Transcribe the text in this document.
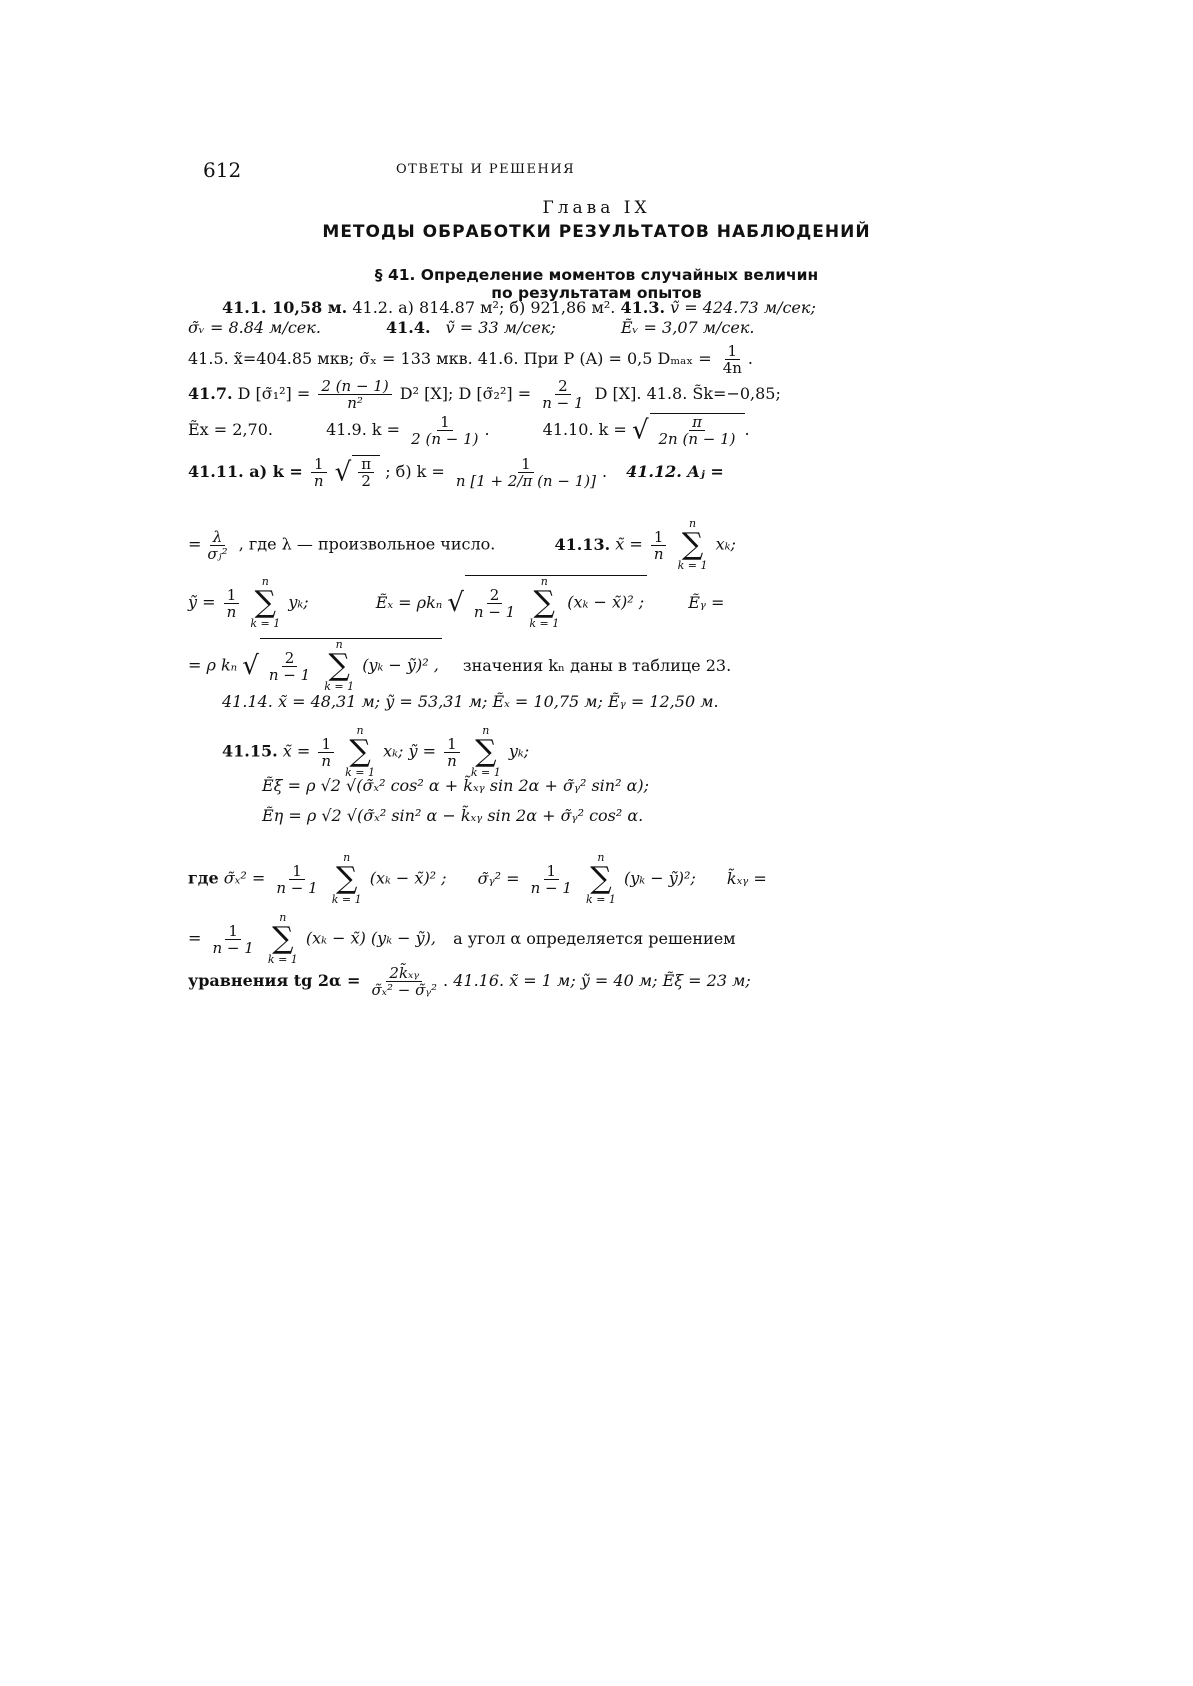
612	ОТВЕТЫ И РЕШЕНИЯ
Глава IX
МЕТОДЫ ОБРАБОТКИ РЕЗУЛЬТАТОВ НАБЛЮДЕНИЙ
§ 41. Определение моментов случайных величин
по результатам опытов
41.1. 10,58 м. 41.2. а) 814.87 м²; б) 921,86 м². 41.3. ṽ = 424.73 м/сек;
σ̃ᵥ = 8.84 м/сек.	41.4. ṽ = 33 м/сек;	Ẽᵥ = 3,07 м/сек.
41.5. x̃=404.85 мкв; σ̃ₓ = 133 мкв. 41.6. При P (A) = 0,5 $D_{max} = \frac{1}{4n}$ .
41.7. D [σ̃₁²] = $\frac{2 (n - 1)}{\text{n²}} D^2$ [X]; D [σ̃₂²] = $\frac{2}{n - 1}$ D [X]. 41.8. S̃k=−0,85;
Ẽx = 2,70.	41.9. $k = \frac{1}{2 (n - 1)}$ .	41.10. k = √ $\frac{\pi}{2n (n - 1)}$ .
41.11. а) $k = \frac{1}{n}$ √ $\frac{\pi}{2}$ ; б) $k = \frac{1}{n [1 + 2/\pi (n - 1)]}$ . 41.12. Aⱼ =
= $\frac{\lambda}{\text{σⱼ²}}$ , где λ — произвольное число.	41.13. x̃ = $\frac{1}{n}$

n
∑
k = 1
xₖ;
ỹ = $\frac{1}{n}$

n
∑
k = 1
yₖ;	Ẽₓ = ρkₙ √ $\frac{2}{n - 1}$

n
∑
k = 1
(xₖ − x̃)² ;	Ẽᵧ =
= ρ kₙ √ $\frac{2}{n - 1}$

n
∑
k = 1
(yₖ − ỹ)² , значения kₙ даны в таблице 23.
41.14. x̃ = 48,31 м; ỹ = 53,31 м; Ẽₓ = 10,75 м; Ẽᵧ = 12,50 м.
41.15. x̃ = $\frac{1}{n}$

n
∑
k = 1
xₖ; ỹ = $\frac{1}{n}$

n
∑
k = 1
yₖ;
Ẽξ = ρ √2 √(σ̃ₓ² cos² α + k̃ₓᵧ sin 2α + σ̃ᵧ² sin² α);
Ẽη = ρ √2 √(σ̃ₓ² sin² α − k̃ₓᵧ sin 2α + σ̃ᵧ² cos² α.
где σ̃ₓ² = $\frac{1}{n - 1}$

n
∑
k = 1
(xₖ − x̃)² ; σ̃ᵧ² = $\frac{1}{n - 1}$

n
∑
k = 1
(yₖ − ỹ)²; k̃ₓᵧ =
= $\frac{1}{n - 1}$

n
∑
k = 1
(xₖ − x̃) (yₖ − ỹ), а угол α определяется решением
уравнения tg $2\alpha = \frac{\text{2k̃ₓᵧ}}{\text{σ̃ₓ² − σ̃ᵧ²}}$ . 41.16. x̃ = 1 м; ỹ = 40 м; Ẽξ = 23 м;
